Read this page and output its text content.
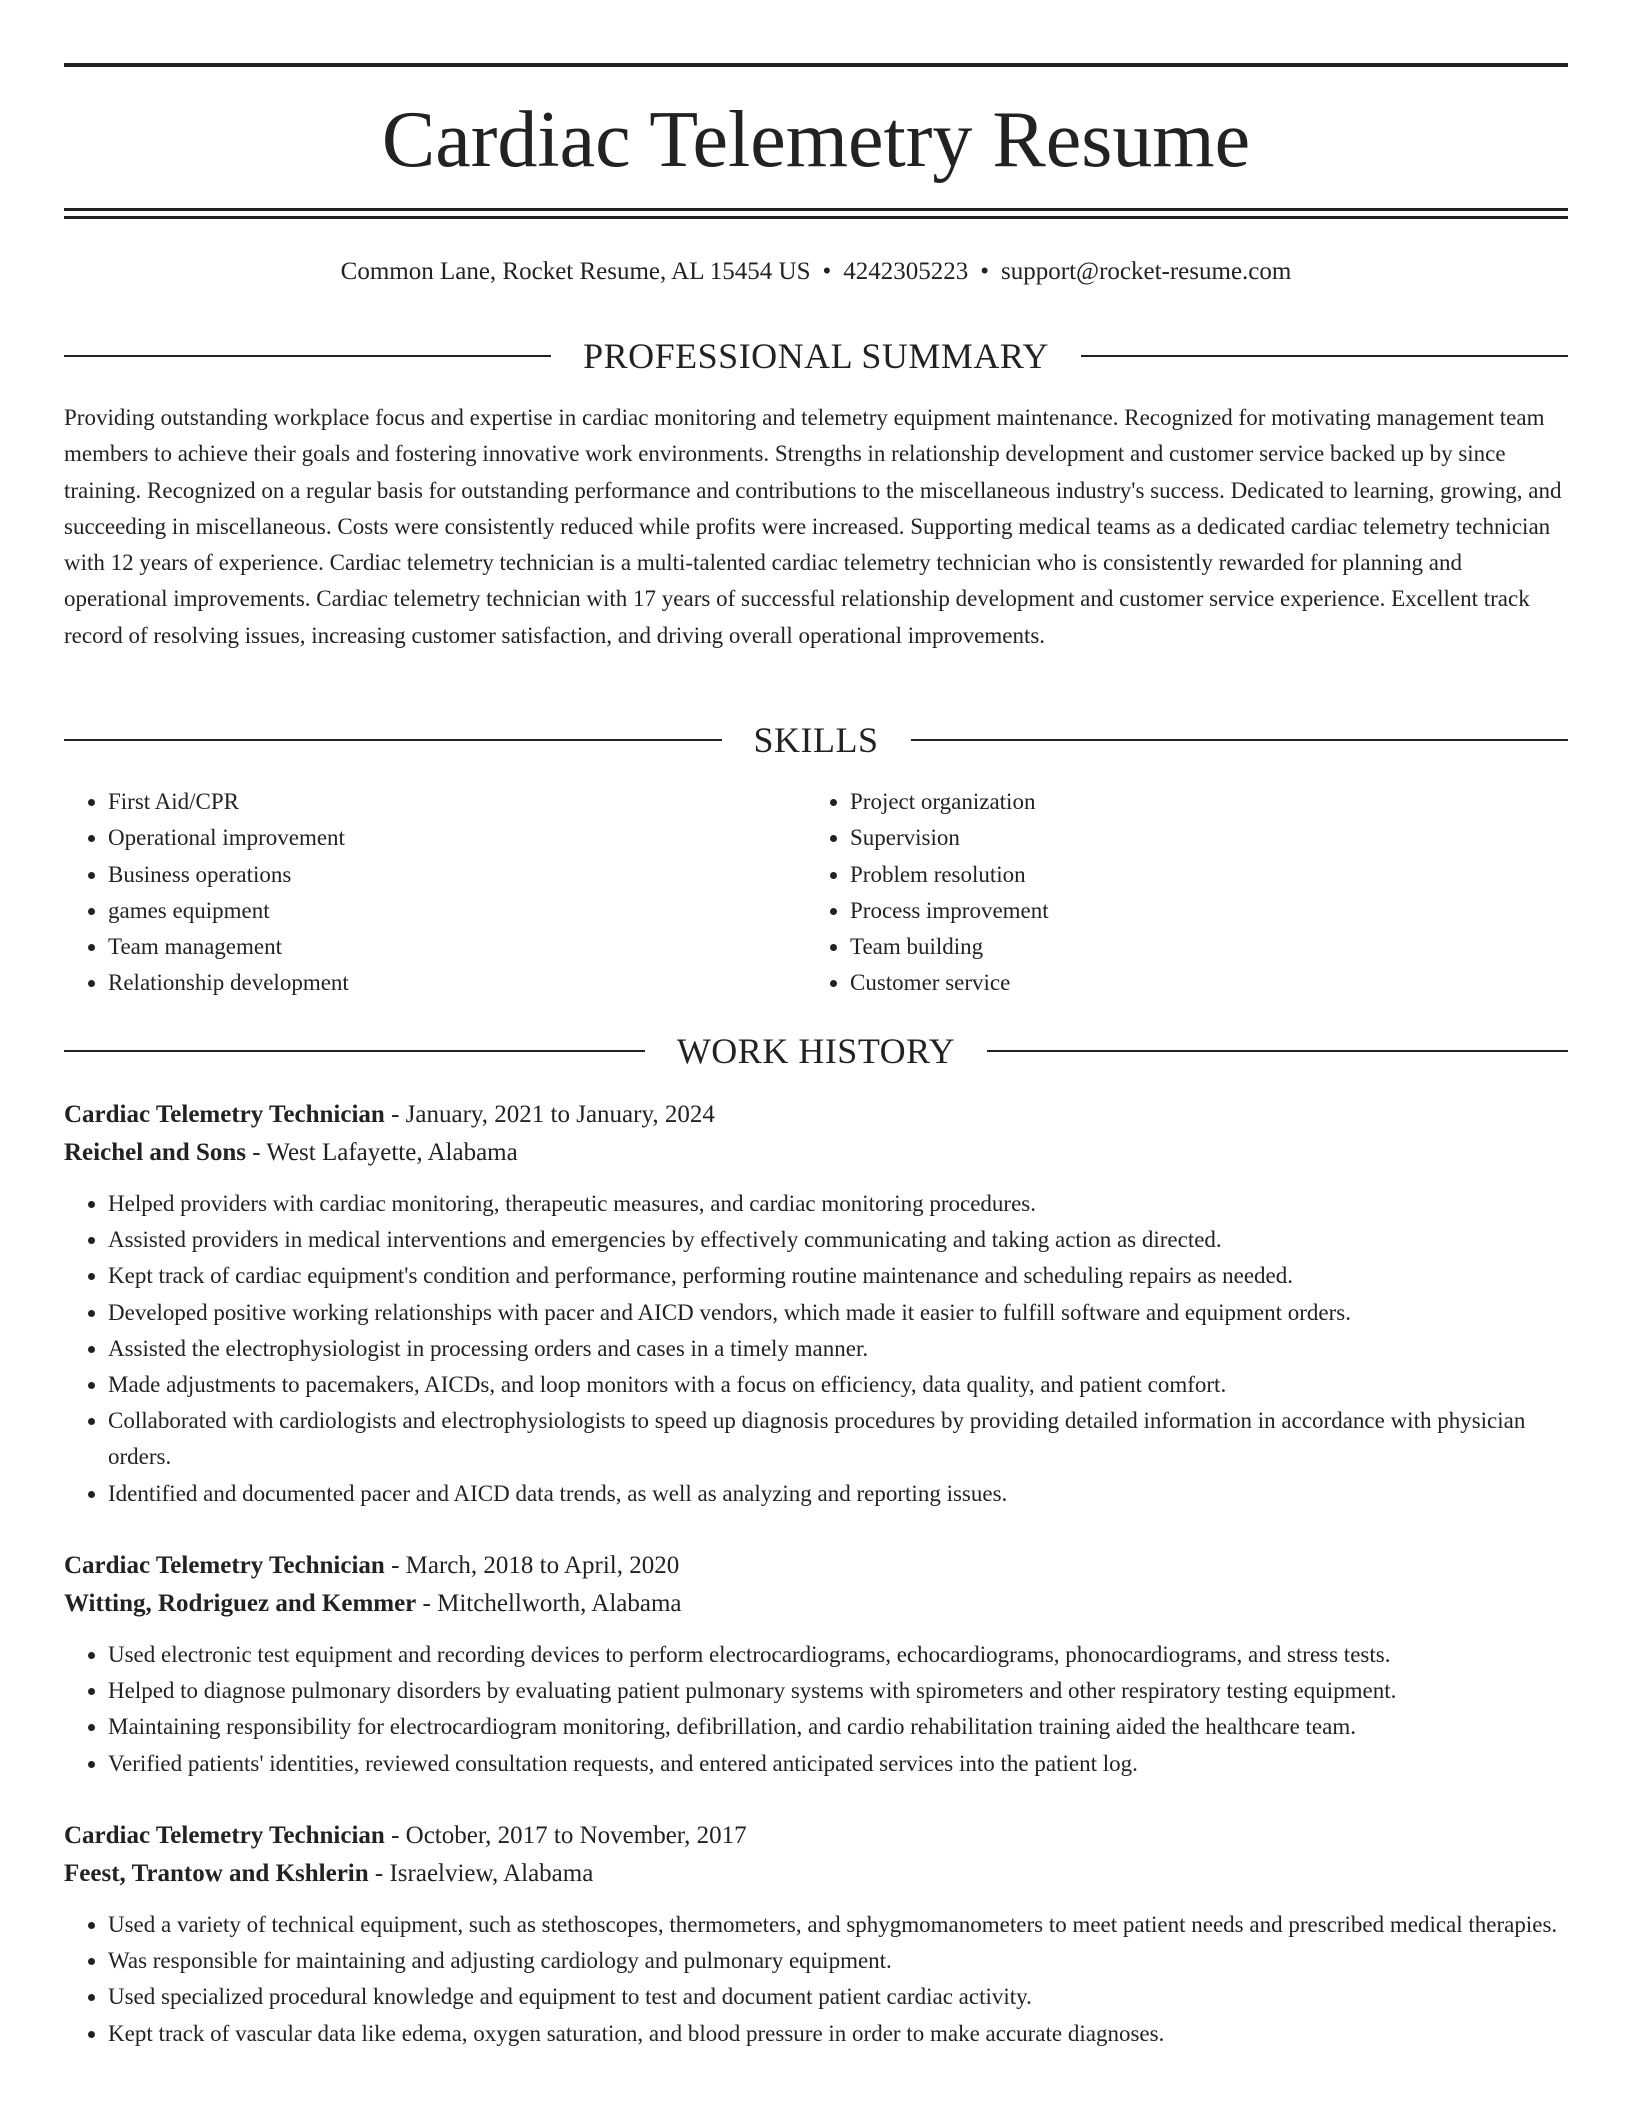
Cardiac Telemetry Resume
Common Lane, Rocket Resume, AL 15454 US • 4242305223 • support@rocket-resume.com
PROFESSIONAL SUMMARY

Providing outstanding workplace focus and expertise in cardiac monitoring and telemetry equipment maintenance. Recognized for motivating management team members to achieve their goals and fostering innovative work environments. Strengths in relationship development and customer service backed up by since training. Recognized on a regular basis for outstanding performance and contributions to the miscellaneous industry's success. Dedicated to learning, growing, and succeeding in miscellaneous. Costs were consistently reduced while profits were increased. Supporting medical teams as a dedicated cardiac telemetry technician with 12 years of experience. Cardiac telemetry technician is a multi-talented cardiac telemetry technician who is consistently rewarded for planning and operational improvements. Cardiac telemetry technician with 17 years of successful relationship development and customer service experience. Excellent track record of resolving issues, increasing customer satisfaction, and driving overall operational improvements.

SKILLS
• First Aid/CPR
• Operational improvement
• Business operations
• games equipment
• Team management
• Relationship development
• Project organization
• Supervision
• Problem resolution
• Process improvement
• Team building
• Customer service
WORK HISTORY
Cardiac Telemetry Technician - January, 2021 to January, 2024
Reichel and Sons - West Lafayette, Alabama
• Helped providers with cardiac monitoring, therapeutic measures, and cardiac monitoring procedures.
• Assisted providers in medical interventions and emergencies by effectively communicating and taking action as directed.
• Kept track of cardiac equipment's condition and performance, performing routine maintenance and scheduling repairs as needed.
• Developed positive working relationships with pacer and AICD vendors, which made it easier to fulfill software and equipment orders.
• Assisted the electrophysiologist in processing orders and cases in a timely manner.
• Made adjustments to pacemakers, AICDs, and loop monitors with a focus on efficiency, data quality, and patient comfort.
• Collaborated with cardiologists and electrophysiologists to speed up diagnosis procedures by providing detailed information in accordance with physician orders.
• Identified and documented pacer and AICD data trends, as well as analyzing and reporting issues.
Cardiac Telemetry Technician - March, 2018 to April, 2020
Witting, Rodriguez and Kemmer - Mitchellworth, Alabama
• Used electronic test equipment and recording devices to perform electrocardiograms, echocardiograms, phonocardiograms, and stress tests.
• Helped to diagnose pulmonary disorders by evaluating patient pulmonary systems with spirometers and other respiratory testing equipment.
• Maintaining responsibility for electrocardiogram monitoring, defibrillation, and cardio rehabilitation training aided the healthcare team.
• Verified patients' identities, reviewed consultation requests, and entered anticipated services into the patient log.
Cardiac Telemetry Technician - October, 2017 to November, 2017
Feest, Trantow and Kshlerin - Israelview, Alabama
• Used a variety of technical equipment, such as stethoscopes, thermometers, and sphygmomanometers to meet patient needs and prescribed medical therapies.
• Was responsible for maintaining and adjusting cardiology and pulmonary equipment.
• Used specialized procedural knowledge and equipment to test and document patient cardiac activity.
• Kept track of vascular data like edema, oxygen saturation, and blood pressure in order to make accurate diagnoses.
